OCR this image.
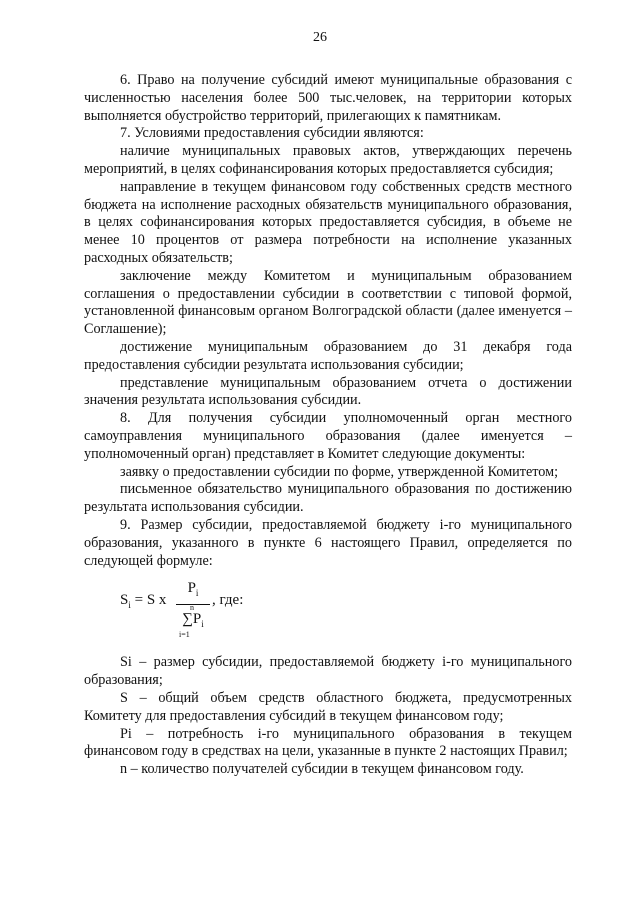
26

6. Право на получение субсидий имеют муниципальные образования с численностью населения более 500 тыс.человек, на территории которых выполняется обустройство территорий, прилегающих к памятникам.

7. Условиями предоставления субсидии являются:

наличие муниципальных правовых актов, утверждающих перечень мероприятий, в целях софинансирования которых предоставляется субсидия;

направление в текущем финансовом году собственных средств местного бюджета на исполнение расходных обязательств муниципального образования, в целях софинансирования которых предоставляется субсидия, в объеме не менее 10 процентов от размера потребности на исполнение указанных расходных обязательств;

заключение между Комитетом и муниципальным образованием соглашения о предоставлении субсидии в соответствии с типовой формой, установленной финансовым органом Волгоградской области (далее именуется – Соглашение);

достижение муниципальным образованием до 31 декабря года предоставления субсидии результата использования субсидии;

представление муниципальным образованием отчета о достижении значения результата использования субсидии.

8. Для получения субсидии уполномоченный орган местного самоуправления муниципального образования (далее именуется – уполномоченный орган) представляет в Комитет следующие документы:

заявку о предоставлении субсидии по форме, утвержденной Комитетом;

письменное обязательство муниципального образования по достижению результата использования субсидии.

9. Размер субсидии, предоставляемой бюджету i-го муниципального образования, указанного в пункте 6 настоящего Правил, определяется по следующей формуле:

$S_i = S$ x
$P_i$
n
$\sum P_i$
i=1
, где:

Si – размер субсидии, предоставляемой бюджету i-го муниципального образования;

S – общий объем средств областного бюджета, предусмотренных Комитету для предоставления субсидий в текущем финансовом году;

Pi – потребность i-го муниципального образования в текущем финансовом году в средствах на цели, указанные в пункте 2 настоящих Правил;

n – количество получателей субсидии в текущем финансовом году.
